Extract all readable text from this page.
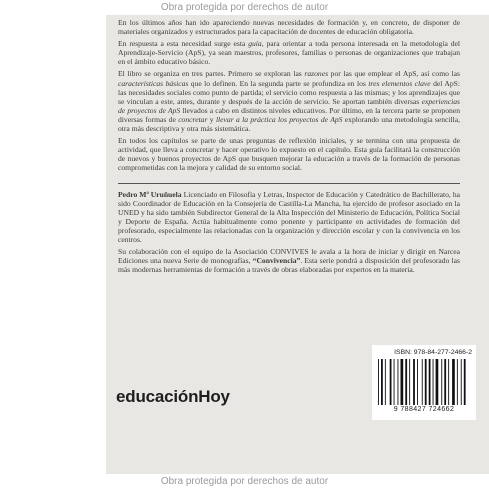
Obra protegida por derechos de autor

En los últimos años han ido apareciendo nuevas necesidades de formación y, en concreto, de disponer de materiales organizados y estructurados para la capacitación de docentes de educación obligatoria.

En respuesta a esta necesidad surge esta guía, para orientar a toda persona interesada en la metodología del Aprendizaje-Servicio (ApS), ya sean maestros, profesores, familias o personas de organizaciones que trabajan en el ámbito educativo básico.

El libro se organiza en tres partes. Primero se exploran las razones por las que emplear el ApS, así como las características básicas que lo definen. En la segunda parte se profundiza en los tres elementos clave del ApS: las necesidades sociales como punto de partida; el servicio como respuesta a las mismas; y los aprendizajes que se vinculan a este, antes, durante y después de la acción de servicio. Se aportan también diversas experiencias de proyectos de ApS llevados a cabo en distintos niveles educativos. Por último, en la tercera parte se proponen diversas formas de concretar y llevar a la práctica los proyectos de ApS explorando una metodología sencilla, otra más descriptiva y otra más sistemática.

En todos los capítulos se parte de unas preguntas de reflexión iniciales, y se termina con una propuesta de actividad, que lleva a concretar y hacer operativo lo expuesto en el capítulo. Esta guía facilitará la construcción de nuevos y buenos proyectos de ApS que busquen mejorar la educación a través de la formación de personas comprometidas con la mejora y calidad de su entorno social.

Pedro Mª Uruñuela Licenciado en Filosofía y Letras, Inspector de Educación y Catedrático de Bachillerato, ha sido Coordinador de Educación en la Consejería de Castilla-La Mancha, ha ejercido de profesor asociado en la UNED y ha sido también Subdirector General de la Alta Inspección del Ministerio de Educación, Política Social y Deporte de España. Actúa habitualmente como ponente y participante en actividades de formación del profesorado, especialmente las relacionadas con la organización y dirección escolar y con la convivencia en los centros.

Su colaboración con el equipo de la Asociación CONVIVES le avala a la hora de iniciar y dirigir en Narcea Ediciones una nueva Serie de monografías, “Convivencia”. Esta serie pondrá a disposición del profesorado las más modernas herramientas de formación a través de obras elaboradas por expertos en la materia.

educaciónHoy
ISBN: 978-84-277-2466-2
9 788427 724662
Obra protegida por derechos de autor
